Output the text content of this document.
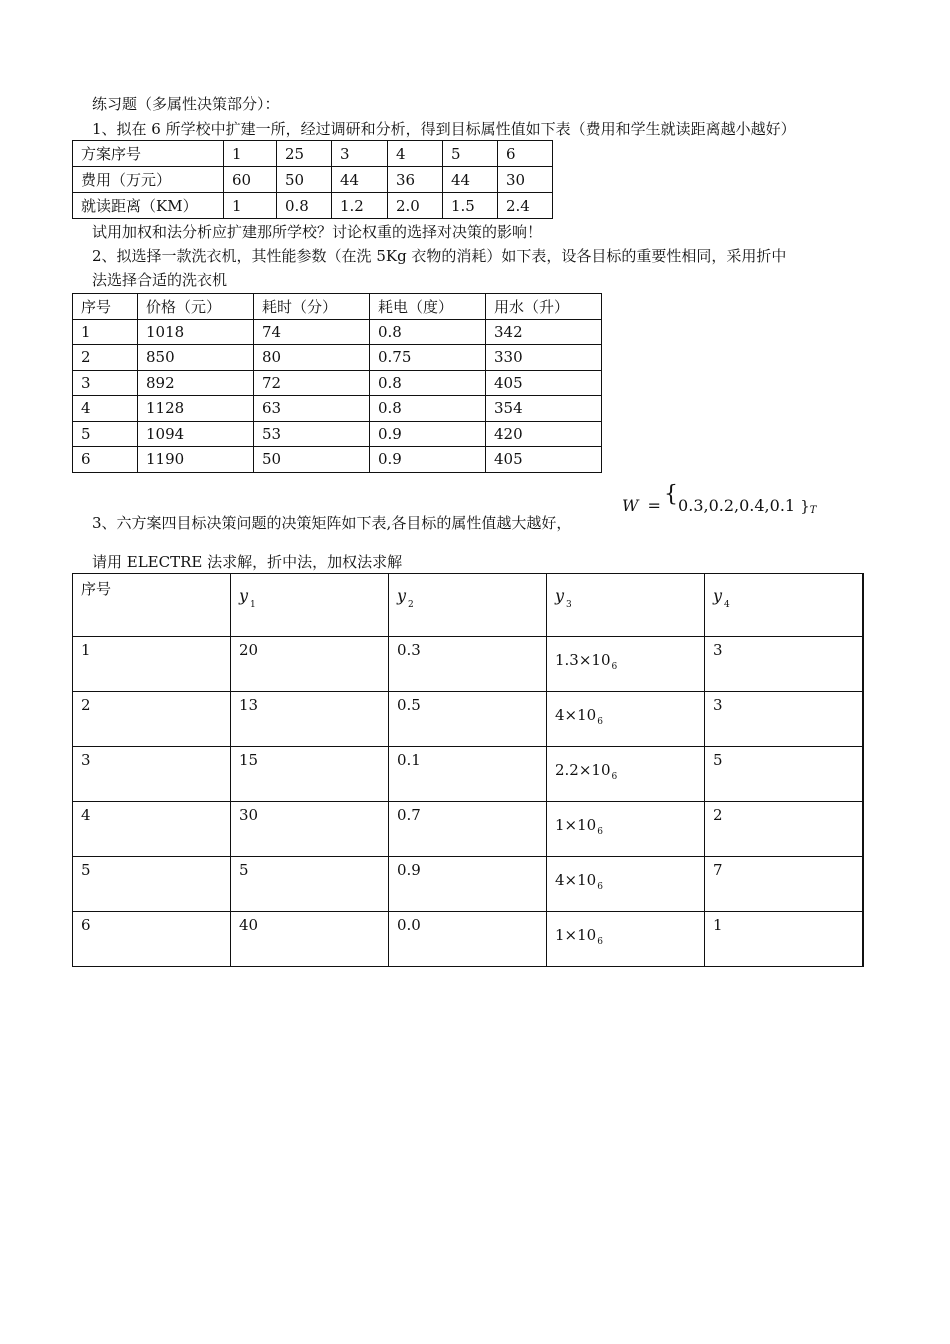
练习题（多属性决策部分）：
1、拟在 6 所学校中扩建一所，经过调研和分析，得到目标属性值如下表（费用和学生就读距离越小越好）
方案序号	1	25	3	4	5	6
费用（万元）	60	50	44	36	44	30
就读距离（KM）	1	0.8	1.2	2.0	1.5	2.4
试用加权和法分析应扩建那所学校？讨论权重的选择对决策的影响！
2、拟选择一款洗衣机，其性能参数（在洗 5Kg 衣物的消耗）如下表，设各目标的重要性相同，采用折中
法选择合适的洗衣机
序号	价格（元）	耗时（分）	耗电（度）	用水（升）
1	1018	74	0.8	342
2	850	80	0.75	330
3	892	72	0.8	405
4	1128	63	0.8	354
5	1094	53	0.9	420
6	1190	50	0.9	405
3、六方案四目标决策问题的决策矩阵如下表,各目标的属性值越大越好，
W = { 0.3,0.2,0.4,0.1 }T
请用 ELECTRE 法求解，折中法，加权法求解
序号	y $_1$	y $_2$	y $_3$	y $_4$
1	20	0.3	$1.3\times 10^6$	3
2	13	0.5	$4\times 10^6$	3
3	15	0.1	$2.2\times 10^6$	5
4	30	0.7	$1\times 10^6$	2
5	5	0.9	$4\times 10^6$	7
6	40	0.0	$1\times 10^6$	1
